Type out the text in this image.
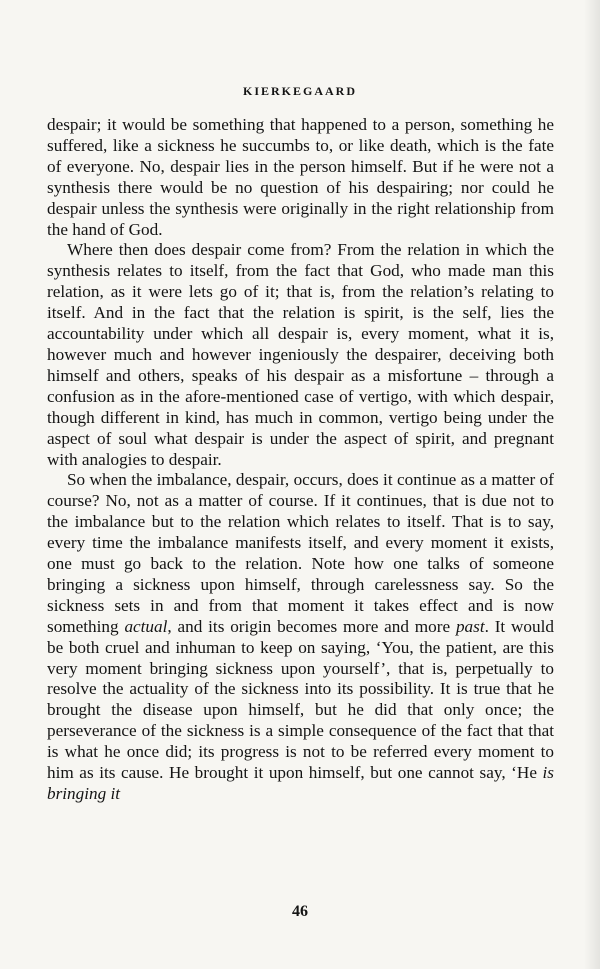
KIERKEGAARD

despair; it would be something that happened to a person, something he suffered, like a sickness he succumbs to, or like death, which is the fate of everyone. No, despair lies in the person himself. But if he were not a synthesis there would be no question of his despairing; nor could he despair unless the synthesis were originally in the right relationship from the hand of God.

Where then does despair come from? From the relation in which the synthesis relates to itself, from the fact that God, who made man this relation, as it were lets go of it; that is, from the relation’s relating to itself. And in the fact that the relation is spirit, is the self, lies the accountability under which all despair is, every moment, what it is, however much and however ingeniously the despairer, deceiving both himself and others, speaks of his despair as a misfortune – through a confusion as in the afore-mentioned case of vertigo, with which despair, though different in kind, has much in common, vertigo being under the aspect of soul what despair is under the aspect of spirit, and pregnant with analogies to despair.

So when the imbalance, despair, occurs, does it continue as a matter of course? No, not as a matter of course. If it continues, that is due not to the imbalance but to the relation which relates to itself. That is to say, every time the imbalance manifests itself, and every moment it exists, one must go back to the relation. Note how one talks of someone bringing a sickness upon himself, through carelessness say. So the sickness sets in and from that moment it takes effect and is now something actual, and its origin becomes more and more past. It would be both cruel and inhuman to keep on saying, ‘You, the patient, are this very moment bringing sickness upon yourself’, that is, perpetually to resolve the actuality of the sickness into its possibility. It is true that he brought the disease upon himself, but he did that only once; the perseverance of the sickness is a simple consequence of the fact that that is what he once did; its progress is not to be referred every moment to him as its cause. He brought it upon himself, but one cannot say, ‘He is bringing it

46
